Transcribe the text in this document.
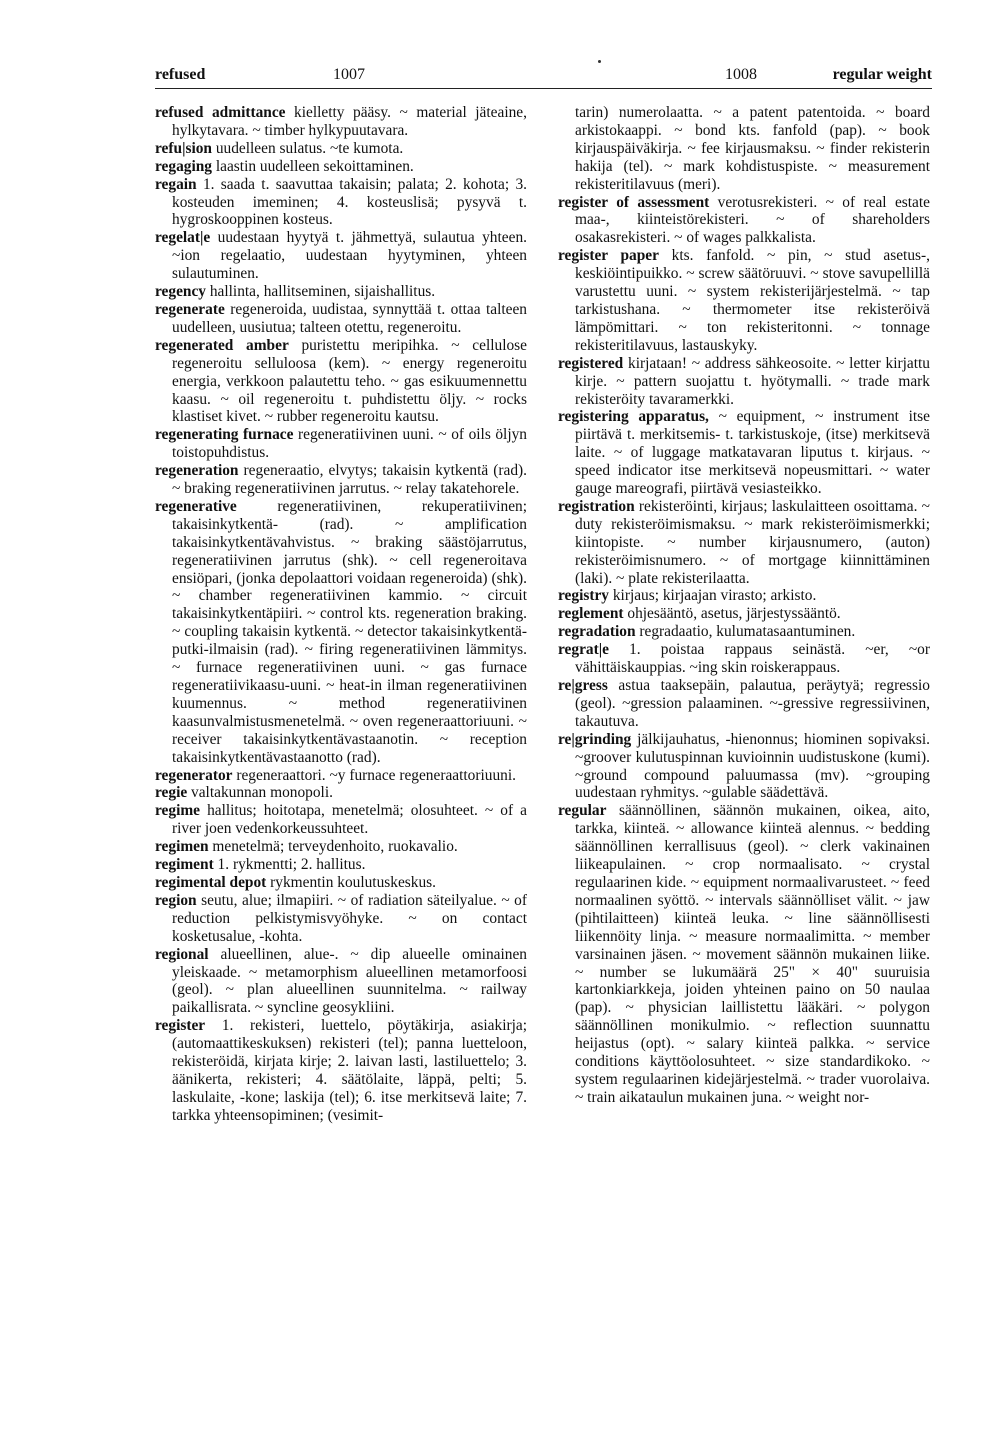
refused	1007	1008	regular weight

refused admittance kielletty pääsy. ~ material jäteaine, hylkytavara. ~ timber hylkypuutavara.

refu|sion uudelleen sulatus. ~te kumota.

regaging laastin uudelleen sekoittaminen.

regain 1. saada t. saavuttaa takaisin; palata; 2. kohota; 3. kosteuden imeminen; 4. kosteuslisä; pysyvä t. hygroskooppinen kosteus.

regelat|e uudestaan hyytyä t. jähmettyä, sulautua yhteen. ~ion regelaatio, uudestaan hyytyminen, yhteen sulautuminen.

regency hallinta, hallitseminen, sijaishallitus.

regenerate regeneroida, uudistaa, synnyttää t. ottaa talteen uudelleen, uusiutua; talteen otettu, regeneroitu.

regenerated amber puristettu meripihka. ~ cellulose regeneroitu selluloosa (kem). ~ energy regeneroitu energia, verkkoon palautettu teho. ~ gas esikuumennettu kaasu. ~ oil regeneroitu t. puhdistettu öljy. ~ rocks klastiset kivet. ~ rubber regeneroitu kautsu.

regenerating furnace regeneratiivinen uuni. ~ of oils öljyn toistopuhdistus.

regeneration regeneraatio, elvytys; takaisin kytkentä (rad). ~ braking regeneratiivinen jarrutus. ~ relay takatehorele.

regenerative regeneratiivinen, rekuperatiivinen; takaisinkytkentä- (rad). ~ amplification takaisinkytkentävahvistus. ~ braking säästöjarrutus, regeneratiivinen jarrutus (shk). ~ cell regeneroitava ensiöpari, (jonka depolaattori voidaan regeneroida) (shk). ~ chamber regeneratiivinen kammio. ~ circuit takaisinkytkentäpiiri. ~ control kts. regeneration braking. ~ coupling takaisin kytkentä. ~ detector takaisinkytkentä-putki-ilmaisin (rad). ~ firing regeneratiivinen lämmitys. ~ furnace regeneratiivinen uuni. ~ gas furnace regeneratiivikaasu-uuni. ~ heat-in ilman regeneratiivinen kuumennus. ~ method regeneratiivinen kaasunvalmistusmenetelmä. ~ oven regeneraattoriuuni. ~ receiver takaisinkytkentävastaanotin. ~ reception takaisinkytkentävastaanotto (rad).

regenerator regeneraattori. ~y furnace regeneraattoriuuni.

regie valtakunnan monopoli.

regime hallitus; hoitotapa, menetelmä; olosuhteet. ~ of a river joen vedenkorkeussuhteet.

regimen menetelmä; terveydenhoito, ruokavalio.

regiment 1. rykmentti; 2. hallitus.

regimental depot rykmentin koulutuskeskus.

region seutu, alue; ilmapiiri. ~ of radiation säteilyalue. ~ of reduction pelkistymisvyöhyke. ~ on contact kosketusalue, -kohta.

regional alueellinen, alue-. ~ dip alueelle ominainen yleiskaade. ~ metamorphism alueellinen metamorfoosi (geol). ~ plan alueellinen suunnitelma. ~ railway paikallisrata. ~ syncline geosykliini.

register 1. rekisteri, luettelo, pöytäkirja, asiakirja; (automaattikeskuksen) rekisteri (tel); panna luetteloon, rekisteröidä, kirjata kirje; 2. laivan lasti, lastiluettelo; 3. äänikerta, rekisteri; 4. säätölaite, läppä, pelti; 5. laskulaite, -kone; laskija (tel); 6. itse merkitsevä laite; 7. tarkka yhteensopiminen; (vesimit-

tarin) numerolaatta. ~ a patent patentoida. ~ board arkistokaappi. ~ bond kts. fanfold (pap). ~ book kirjauspäiväkirja. ~ fee kirjausmaksu. ~ finder rekisterin hakija (tel). ~ mark kohdistuspiste. ~ measurement rekisteritilavuus (meri).

register of assessment verotusrekisteri. ~ of real estate maa-, kiinteistörekisteri. ~ of shareholders osakasrekisteri. ~ of wages palkkalista.

register paper kts. fanfold. ~ pin, ~ stud asetus-, keskiöintipuikko. ~ screw säätöruuvi. ~ stove savupellillä varustettu uuni. ~ system rekisterijärjestelmä. ~ tap tarkistushana. ~ thermometer itse rekisteröivä lämpömittari. ~ ton rekisteritonni. ~ tonnage rekisteritilavuus, lastauskyky.

registered kirjataan! ~ address sähkeosoite. ~ letter kirjattu kirje. ~ pattern suojattu t. hyötymalli. ~ trade mark rekisteröity tavaramerkki.

registering apparatus, ~ equipment, ~ instrument itse piirtävä t. merkitsemis- t. tarkistuskoje, (itse) merkitsevä laite. ~ of luggage matkatavaran liputus t. kirjaus. ~ speed indicator itse merkitsevä nopeusmittari. ~ water gauge mareografi, piirtävä vesiasteikko.

registration rekisteröinti, kirjaus; laskulaitteen osoittama. ~ duty rekisteröimismaksu. ~ mark rekisteröimismerkki; kiintopiste. ~ number kirjausnumero, (auton) rekisteröimisnumero. ~ of mortgage kiinnittäminen (laki). ~ plate rekisterilaatta.

registry kirjaus; kirjaajan virasto; arkisto.

reglement ohjesääntö, asetus, järjestyssääntö.

regradation regradaatio, kulumatasaantuminen.

regrat|e 1. poistaa rappaus seinästä. ~er, ~or vähittäiskauppias. ~ing skin roiskerappaus.

re|gress astua taaksepäin, palautua, peräytyä; regressio (geol). ~gression palaaminen. ~-gressive regressiivinen, takautuva.

re|grinding jälkijauhatus, -hienonnus; hiominen sopivaksi. ~groover kulutuspinnan kuvioinnin uudistuskone (kumi). ~ground compound paluumassa (mv). ~grouping uudestaan ryhmitys. ~gulable säädettävä.

regular säännöllinen, säännön mukainen, oikea, aito, tarkka, kiinteä. ~ allowance kiinteä alennus. ~ bedding säännöllinen kerrallisuus (geol). ~ clerk vakinainen liikeapulainen. ~ crop normaalisato. ~ crystal regulaarinen kide. ~ equipment normaalivarusteet. ~ feed normaalinen syöttö. ~ intervals säännölliset välit. ~ jaw (pihtilaitteen) kiinteä leuka. ~ line säännöllisesti liikennöity linja. ~ measure normaalimitta. ~ member varsinainen jäsen. ~ movement säännön mukainen liike. ~ number se lukumäärä 25" × 40" suuruisia kartonkiarkkeja, joiden yhteinen paino on 50 naulaa (pap). ~ physician laillistettu lääkäri. ~ polygon säännöllinen monikulmio. ~ reflection suunnattu heijastus (opt). ~ salary kiinteä palkka. ~ service conditions käyttöolosuhteet. ~ size standardikoko. ~ system regulaarinen kidejärjestelmä. ~ trader vuorolaiva. ~ train aikataulun mukainen juna. ~ weight nor-
